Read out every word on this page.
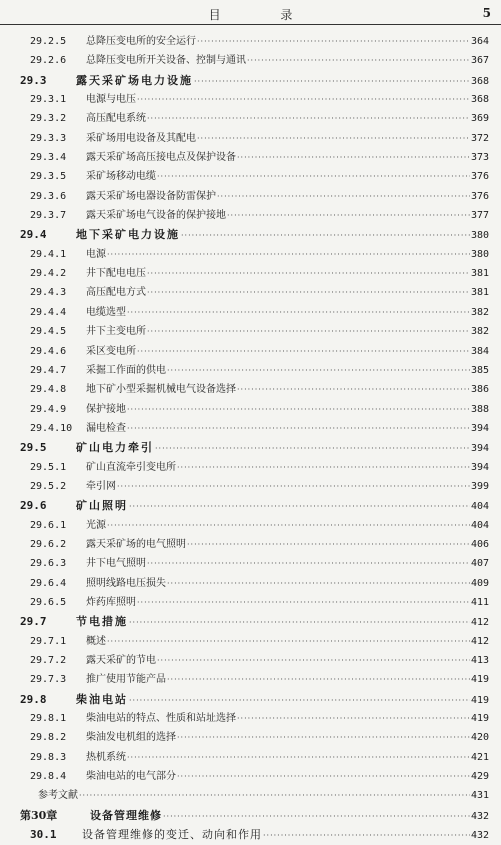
目 录	5
29.2.5	总降压变电所的安全运行 ·····	364
29.2.6	总降压变电所开关设备、控制与通讯 ·····	367
29.3	露天采矿场电力设施 ·····	368
29.3.1	电源与电压 ·····	368
29.3.2	高压配电系统 ·····	369
29.3.3	采矿场用电设备及其配电 ·····	372
29.3.4	露天采矿场高压接电点及保护设备 ·····	373
29.3.5	采矿场移动电缆 ·····	376
29.3.6	露天采矿场电器设备防雷保护 ·····	376
29.3.7	露天采矿场电气设备的保护接地 ·····	377
29.4	地下采矿电力设施 ·····	380
29.4.1	电源 ·····	380
29.4.2	井下配电电压 ·····	381
29.4.3	高压配电方式 ·····	381
29.4.4	电缆选型 ·····	382
29.4.5	井下主变电所 ·····	382
29.4.6	采区变电所 ·····	384
29.4.7	采掘工作面的供电 ·····	385
29.4.8	地下矿小型采掘机械电气设备选择 ·····	386
29.4.9	保护接地 ·····	388
29.4.10	漏电检查 ·····	394
29.5	矿山电力牵引 ·····	394
29.5.1	矿山直流牵引变电所 ·····	394
29.5.2	牵引网 ·····	399
29.6	矿山照明 ·····	404
29.6.1	光源 ·····	404
29.6.2	露天采矿场的电气照明 ·····	406
29.6.3	井下电气照明 ·····	407
29.6.4	照明线路电压损失 ·····	409
29.6.5	炸药库照明 ·····	411
29.7	节电措施 ·····	412
29.7.1	概述 ·····	412
29.7.2	露天采矿的节电 ·····	413
29.7.3	推广使用节能产品 ·····	419
29.8	柴油电站 ·····	419
29.8.1	柴油电站的特点、性质和站址选择 ·····	419
29.8.2	柴油发电机组的选择 ·····	420
29.8.3	热机系统 ·····	421
29.8.4	柴油电站的电气部分 ·····	429
参考文献 ·····	431
第30章	设备管理维修 ·····	432
30.1	设备管理维修的变迁、动向和作用 ·····	432
